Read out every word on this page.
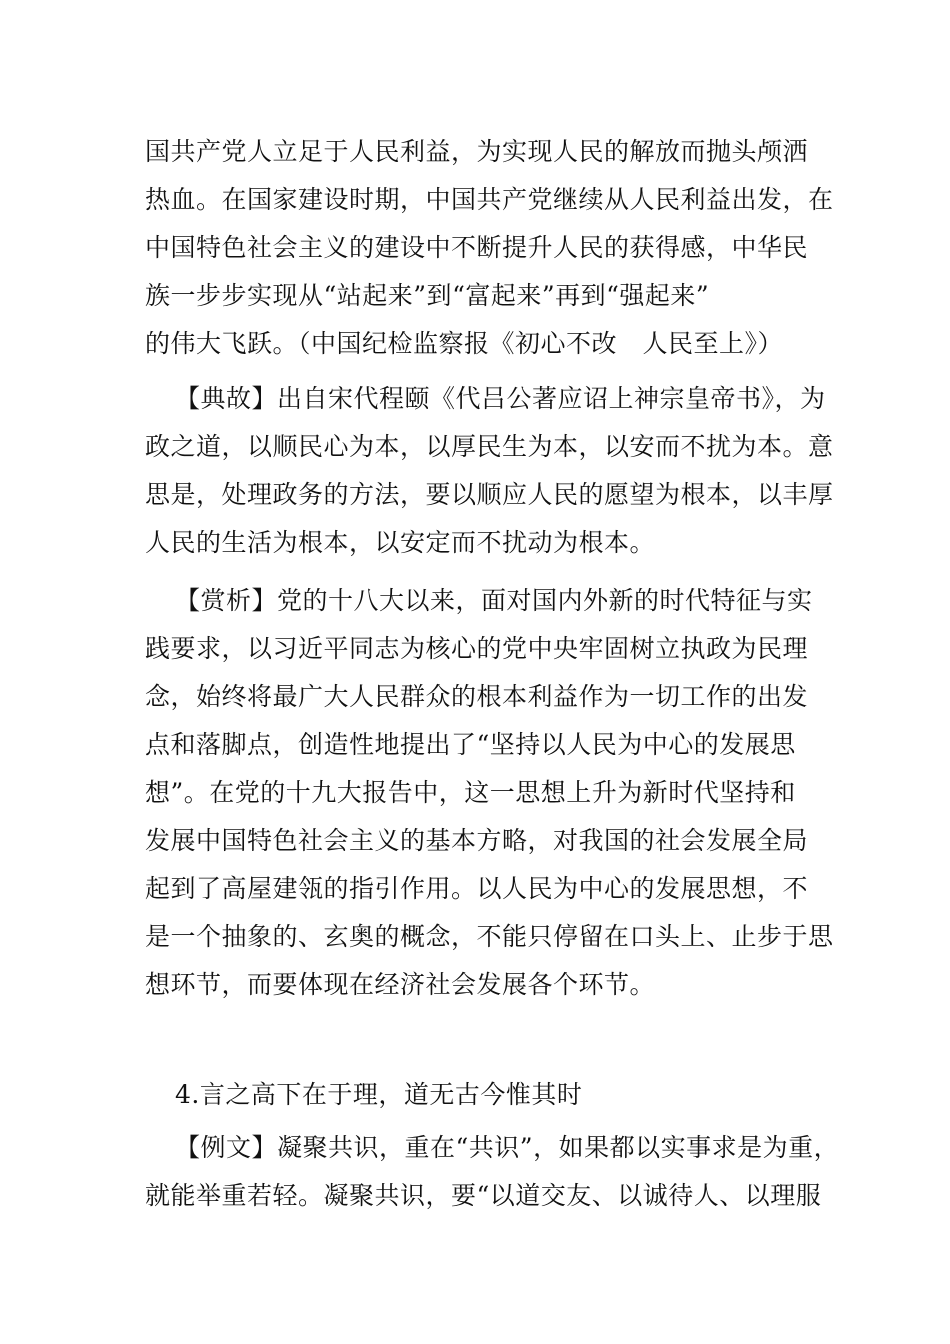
国共产党人立足于人民利益，为实现人民的解放而抛头颅洒
热血。在国家建设时期，中国共产党继续从人民利益出发，在
中国特色社会主义的建设中不断提升人民的获得感，中华民
族一步步实现从“站起来”到“富起来”再到“强起来”
的伟大飞跃。（中国纪检监察报《初心不改　人民至上》）
【典故】出自宋代程颐《代吕公著应诏上神宗皇帝书》，为
政之道，以顺民心为本，以厚民生为本，以安而不扰为本。意
思是，处理政务的方法，要以顺应人民的愿望为根本，以丰厚
人民的生活为根本，以安定而不扰动为根本。
【赏析】党的十八大以来，面对国内外新的时代特征与实
践要求，以习近平同志为核心的党中央牢固树立执政为民理
念，始终将最广大人民群众的根本利益作为一切工作的出发
点和落脚点，创造性地提出了“坚持以人民为中心的发展思
想”。在党的十九大报告中，这一思想上升为新时代坚持和
发展中国特色社会主义的基本方略，对我国的社会发展全局
起到了高屋建瓴的指引作用。以人民为中心的发展思想，不
是一个抽象的、玄奥的概念，不能只停留在口头上、止步于思
想环节，而要体现在经济社会发展各个环节。
4.言之高下在于理，道无古今惟其时
【例文】凝聚共识，重在“共识”，如果都以实事求是为重，
就能举重若轻。凝聚共识，要“以道交友、以诚待人、以理服
